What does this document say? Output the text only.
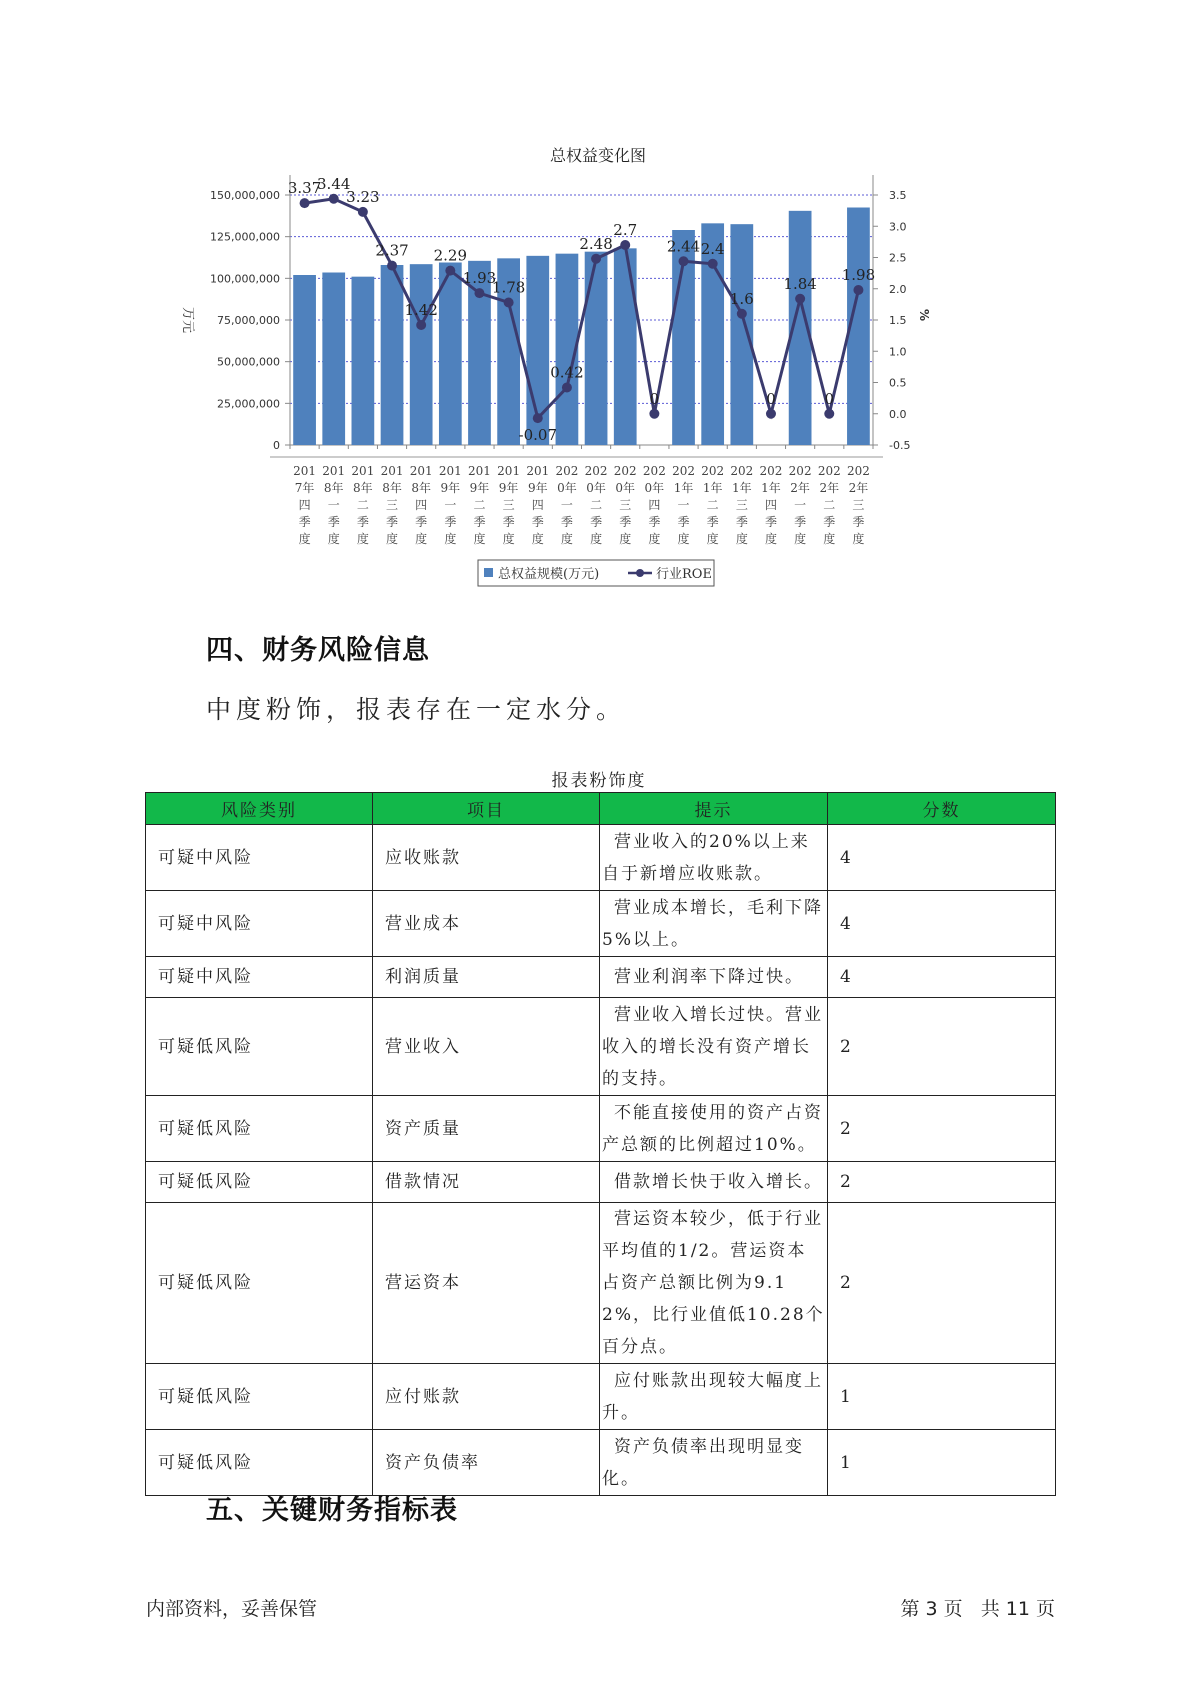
总权益变化图
150,000,000
125,000,000
100,000,000
75,000,000
50,000,000
25,000,000
0
3.5
3.0
2.5
2.0
1.5
1.0
0.5
0.0
-0.5
万元	%
3.37
3.44
3.23
2.37
1.42
2.29
1.93
1.78
-0.07
0.42
2.48
2.7
0
2.44 2.4
1.6
0
1.84
0
1.98
201 7年四季度
201 8年一季度
201 8年二季度
201 8年三季度
201 8年四季度
201 9年一季度
201 9年二季度
201 9年三季度
201 9年四季度
202 0年一季度
202 0年二季度
202 0年三季度
202 0年四季度
202 1年一季度
202 1年二季度
202 1年三季度
202 1年四季度
202 2年一季度
202 2年二季度
202 2年三季度
总权益规模(万元)	行业ROE
四、财务风险信息
中度粉饰，报表存在一定水分。
报表粉饰度
风险类别	项目	提示	分数
可疑中风险	应收账款	营业收入的20%以上来自于新增应收账款。	4
可疑中风险	营业成本	营业成本增长，毛利下降5%以上。	4
可疑中风险	利润质量	营业利润率下降过快。	4
可疑低风险	营业收入	营业收入增长过快。营业收入的增长没有资产增长的支持。	2
可疑低风险	资产质量	不能直接使用的资产占资产总额的比例超过10%。	2
可疑低风险	借款情况	借款增长快于收入增长。	2
可疑低风险	营运资本	营运资本较少，低于行业平均值的1/2。营运资本占资产总额比例为9.12%，比行业值低10.28个百分点。	2
可疑低风险	应付账款	应付账款出现较大幅度上升。	1
可疑低风险	资产负债率	资产负债率出现明显变化。	1
五、关键财务指标表
内部资料，妥善保管	第 3 页   共 11 页
